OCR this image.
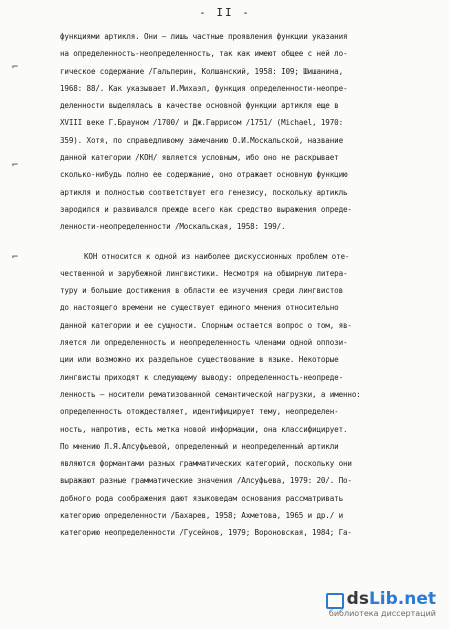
- II -
⌐
⌐
⌐
функциями артикля. Они – лишь частные проявления функции указания
на определенность-неопределенность, так как имеют общее с ней ло-
гическое содержание /Гальперин, Колшанский, 1958: I09; Шишанина,
1968: 88/. Как указывает И.Михаэл, функция определенности-неопре-
деленности выделялась в качестве основной функции артикля еще в
XVIII веке Г.Брауном /1700/ и Дж.Гаррисом /1751/ (Michael, 1970:
359). Хотя, по справедливому замечанию О.И.Москальской, название
данной категории /КОН/ является условным, ибо оно не раскрывает
сколько-нибудь полно ее содержание, оно отражает основную функцию
артикля и полностью соответствует его генезису, поскольку артикль
зародился и развивался прежде всего как средство выражения опреде-
ленности-неопределенности /Москальская, 1958: 199/.
КОН относится к одной из наиболее дискуссионных проблем оте-
чественной и зарубежной лингвистики. Несмотря на обширную литера-
туру и большие достижения в области ее изучения среди лингвистов
до настоящего времени не существует единого мнения относительно
данной категории и ее сущности. Спорным остается вопрос о том, яв-
ляется ли определенность и неопределенность членами одной оппози-
ции или возможно их раздельное существование в языке. Некоторые
лингвисты приходят к следующему выводу: определенность-неопреде-
ленность – носители рематизованной семантической нагрузки, а именно:
определенность отождествляет, идентифицирует тему, неопределен-
ность, напротив, есть метка новой информации, она классифицирует.
По мнению Л.Я.Алсуфьевой, определенный и неопределенный артикли
являются формантами разных грамматических категорий, поскольку они
выражают разные грамматические значения /Алсуфьева, 1979: 20/. По-
добного рода соображения дают языковедам основания рассматривать
категорию определенности /Бахарев, 1958; Ахметова, 1965 и др./ и
категорию неопределенности /Гусейнов, 1979; Вороновская, 1984; Га-
ds Lib.net
библиотека диссертаций
